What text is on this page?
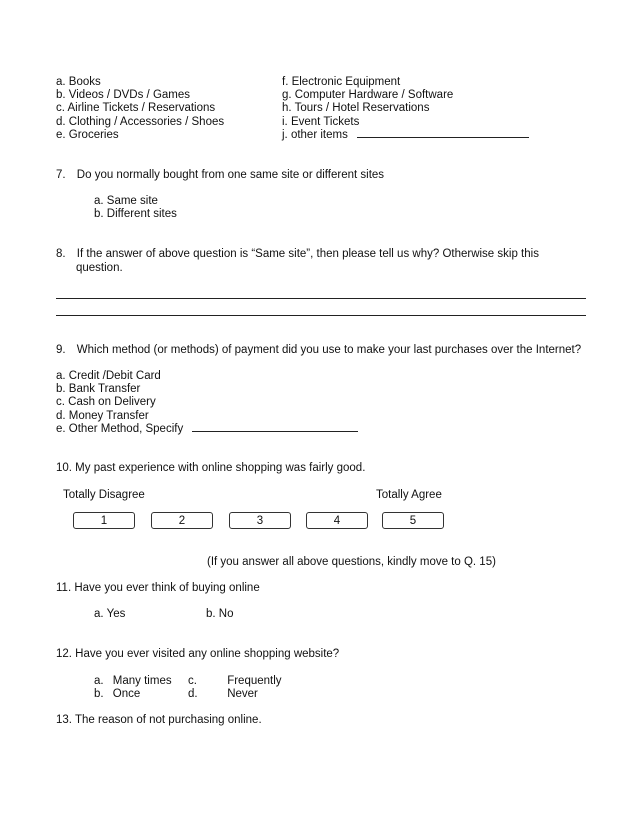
a. Books
b. Videos / DVDs / Games
c. Airline Tickets / Reservations
d. Clothing / Accessories / Shoes
e. Groceries
f. Electronic Equipment
g. Computer Hardware / Software
h. Tours / Hotel Reservations
i. Event Tickets
j. other items
7. Do you normally bought from one same site or different sites
a. Same site
b. Different sites
8. If the answer of above question is “Same site”, then please tell us why? Otherwise skip this
question.
9. Which method (or methods) of payment did you use to make your last purchases over the Internet?
a. Credit /Debit Card
b. Bank Transfer
c. Cash on Delivery
d. Money Transfer
e. Other Method, Specify
10. My past experience with online shopping was fairly good.
Totally Disagree	Totally Agree
1	2	3	4	5
(If you answer all above questions, kindly move to Q. 15)
11. Have you ever think of buying online
a. Yes	b. No
12. Have you ever visited any online shopping website?
a. Many times
b. Once
c.	Frequently
d.	Never
13. The reason of not purchasing online.
